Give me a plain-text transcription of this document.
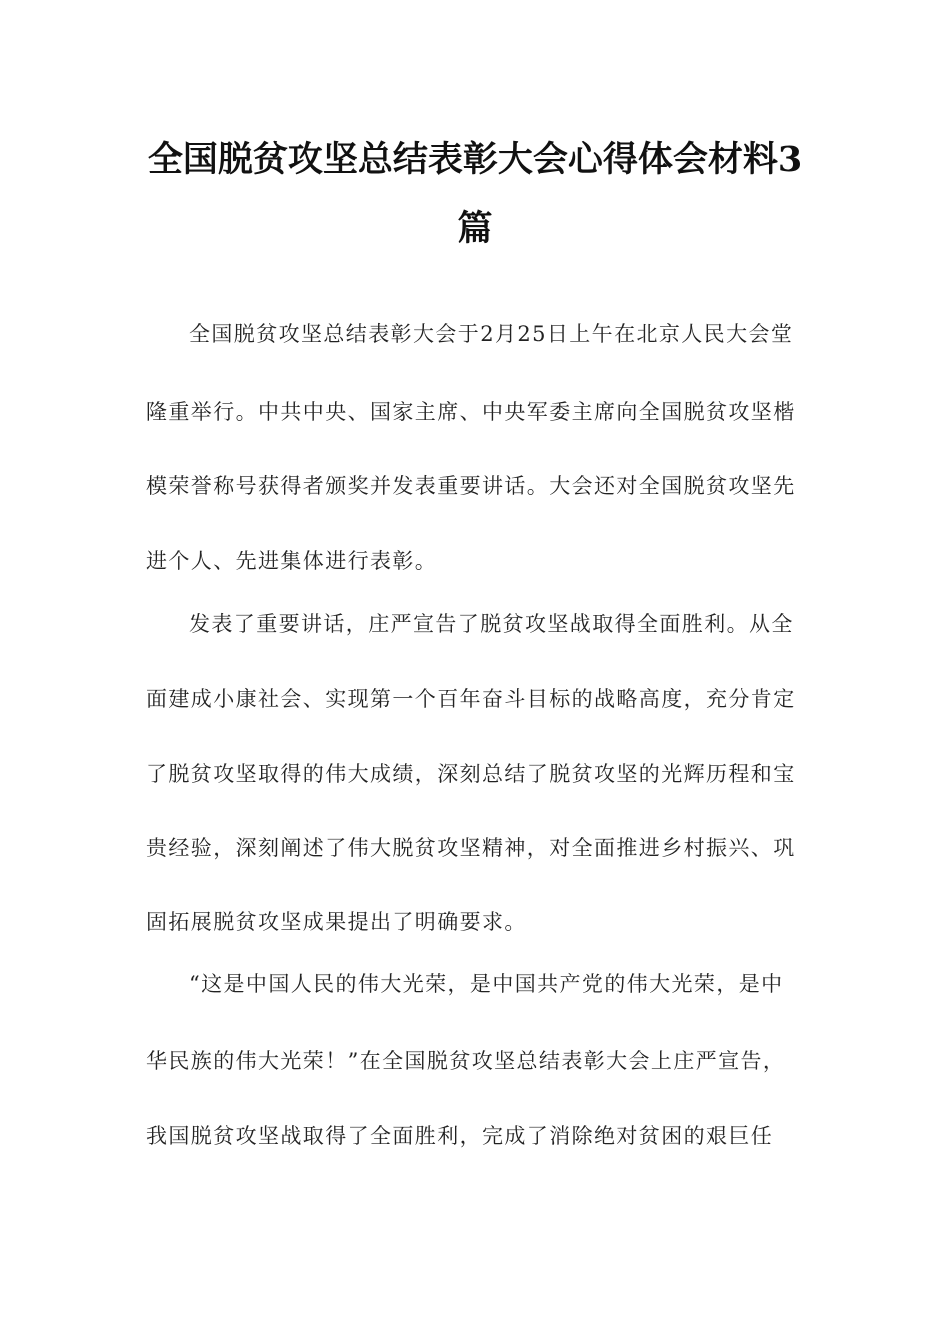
全国脱贫攻坚总结表彰大会心得体会材料3
篇

全国脱贫攻坚总结表彰大会于2月25日上午在北京人民大会堂

隆重举行。中共中央、国家主席、中央军委主席向全国脱贫攻坚楷

模荣誉称号获得者颁奖并发表重要讲话。大会还对全国脱贫攻坚先

进个人、先进集体进行表彰。

发表了重要讲话，庄严宣告了脱贫攻坚战取得全面胜利。从全

面建成小康社会、实现第一个百年奋斗目标的战略高度，充分肯定

了脱贫攻坚取得的伟大成绩，深刻总结了脱贫攻坚的光辉历程和宝

贵经验，深刻阐述了伟大脱贫攻坚精神，对全面推进乡村振兴、巩

固拓展脱贫攻坚成果提出了明确要求。

“这是中国人民的伟大光荣，是中国共产党的伟大光荣，是中

华民族的伟大光荣！”在全国脱贫攻坚总结表彰大会上庄严宣告，

我国脱贫攻坚战取得了全面胜利，完成了消除绝对贫困的艰巨任
